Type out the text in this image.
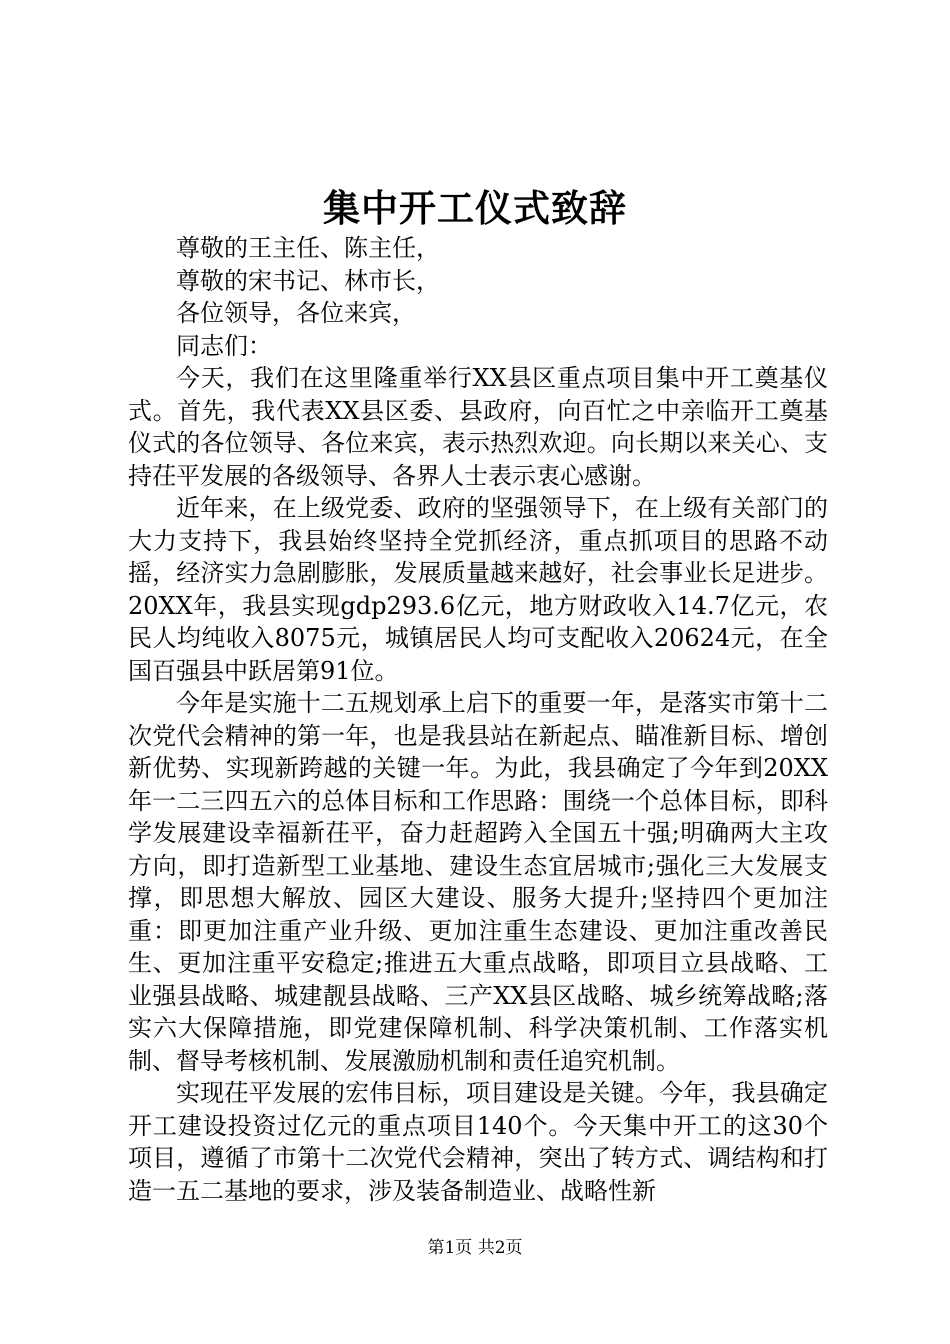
集中开工仪式致辞

尊敬的王主任、陈主任，

尊敬的宋书记、林市长，

各位领导，各位来宾，

同志们：

今天，我们在这里隆重举行XX县区重点项目集中开工奠基仪式。首先，我代表XX县区委、县政府，向百忙之中亲临开工奠基仪式的各位领导、各位来宾，表示热烈欢迎。向长期以来关心、支持茌平发展的各级领导、各界人士表示衷心感谢。

近年来，在上级党委、政府的坚强领导下，在上级有关部门的大力支持下，我县始终坚持全党抓经济，重点抓项目的思路不动摇，经济实力急剧膨胀，发展质量越来越好，社会事业长足进步。20XX年，我县实现gdp293.6亿元，地方财政收入14.7亿元，农民人均纯收入8075元，城镇居民人均可支配收入20624元，在全国百强县中跃居第91位。

今年是实施十二五规划承上启下的重要一年，是落实市第十二次党代会精神的第一年，也是我县站在新起点、瞄准新目标、增创新优势、实现新跨越的关键一年。为此，我县确定了今年到20XX年一二三四五六的总体目标和工作思路：围绕一个总体目标，即科学发展建设幸福新茌平，奋力赶超跨入全国五十强;明确两大主攻方向，即打造新型工业基地、建设生态宜居城市;强化三大发展支撑，即思想大解放、园区大建设、服务大提升;坚持四个更加注重：即更加注重产业升级、更加注重生态建设、更加注重改善民生、更加注重平安稳定;推进五大重点战略，即项目立县战略、工业强县战略、城建靓县战略、三产XX县区战略、城乡统筹战略;落实六大保障措施，即党建保障机制、科学决策机制、工作落实机制、督导考核机制、发展激励机制和责任追究机制。

实现茌平发展的宏伟目标，项目建设是关键。今年，我县确定开工建设投资过亿元的重点项目140个。今天集中开工的这30个项目，遵循了市第十二次党代会精神，突出了转方式、调结构和打造一五二基地的要求，涉及装备制造业、战略性新

第1页 共2页
